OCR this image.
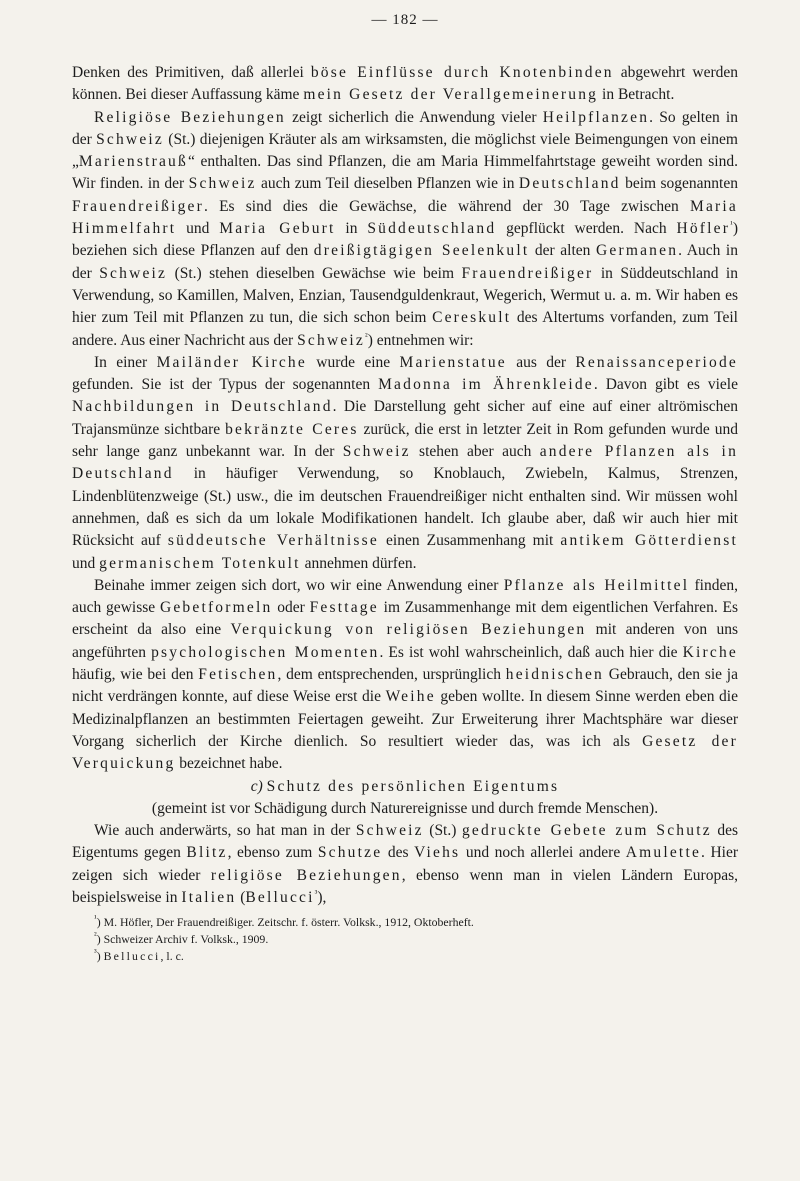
— 182 —

Denken des Primitiven, daß allerlei böse Einflüsse durch Knotenbinden abgewehrt werden können. Bei dieser Auffassung käme mein Gesetz der Verallgemeinerung in Betracht.

Religiöse Beziehungen zeigt sicherlich die Anwendung vieler Heilpflanzen. So gelten in der Schweiz (St.) diejenigen Kräuter als am wirksamsten, die möglichst viele Beimengungen von einem „Marienstrauß“ enthalten. Das sind Pflanzen, die am Maria Himmelfahrtstage geweiht worden sind. Wir finden. in der Schweiz auch zum Teil dieselben Pflanzen wie in Deutschland beim sogenannten Frauendreißiger. Es sind dies die Gewächse, die während der 30 Tage zwischen Maria Himmelfahrt und Maria Geburt in Süddeutschland gepflückt werden. Nach Höfler$^{^1}$) beziehen sich diese Pflanzen auf den dreißigtägigen Seelenkult der alten Germanen. Auch in der Schweiz (St.) stehen dieselben Gewächse wie beim Frauendreißiger in Süddeutschland in Verwendung, so Kamillen, Malven, Enzian, Tausendguldenkraut, Wegerich, Wermut u. a. m. Wir haben es hier zum Teil mit Pflanzen zu tun, die sich schon beim Cereskult des Altertums vorfanden, zum Teil andere. Aus einer Nachricht aus der Schweiz$^{^2}$) entnehmen wir:

In einer Mailänder Kirche wurde eine Marienstatue aus der Renaissanceperiode gefunden. Sie ist der Typus der sogenannten Madonna im Ährenkleide. Davon gibt es viele Nachbildungen in Deutschland. Die Darstellung geht sicher auf eine auf einer altrömischen Trajansmünze sichtbare bekränzte Ceres zurück, die erst in letzter Zeit in Rom gefunden wurde und sehr lange ganz unbekannt war. In der Schweiz stehen aber auch andere Pflanzen als in Deutschland in häufiger Verwendung, so Knoblauch, Zwiebeln, Kalmus, Strenzen, Lindenblütenzweige (St.) usw., die im deutschen Frauendreißiger nicht enthalten sind. Wir müssen wohl annehmen, daß es sich da um lokale Modifikationen handelt. Ich glaube aber, daß wir auch hier mit Rücksicht auf süddeutsche Verhältnisse einen Zusammenhang mit antikem Götterdienst und germanischem Totenkult annehmen dürfen.

Beinahe immer zeigen sich dort, wo wir eine Anwendung einer Pflanze als Heilmittel finden, auch gewisse Gebetformeln oder Festtage im Zusammenhange mit dem eigentlichen Verfahren. Es erscheint da also eine Verquickung von religiösen Beziehungen mit anderen von uns angeführten psychologischen Momenten. Es ist wohl wahrscheinlich, daß auch hier die Kirche häufig, wie bei den Fetischen, dem entsprechenden, ursprünglich heidnischen Gebrauch, den sie ja nicht verdrängen konnte, auf diese Weise erst die Weihe geben wollte. In diesem Sinne werden eben die Medizinalpflanzen an bestimmten Feiertagen geweiht. Zur Erweiterung ihrer Machtsphäre war dieser Vorgang sicherlich der Kirche dienlich. So resultiert wieder das, was ich als Gesetz der Verquickung bezeichnet habe.

c) Schutz des persönlichen Eigentums

(gemeint ist vor Schädigung durch Naturereignisse und durch fremde Menschen).

Wie auch anderwärts, so hat man in der Schweiz (St.) gedruckte Gebete zum Schutz des Eigentums gegen Blitz, ebenso zum Schutze des Viehs und noch allerlei andere Amulette. Hier zeigen sich wieder religiöse Beziehungen, ebenso wenn man in vielen Ländern Europas, beispielsweise in Italien (Bellucci$^{^3}$),

$^{^1}$) M. Höfler, Der Frauendreißiger. Zeitschr. f. österr. Volksk., 1912, Oktoberheft.
$^{^2}$) Schweizer Archiv f. Volksk., 1909.
$^{^3}$) Bellucci, l. c.
